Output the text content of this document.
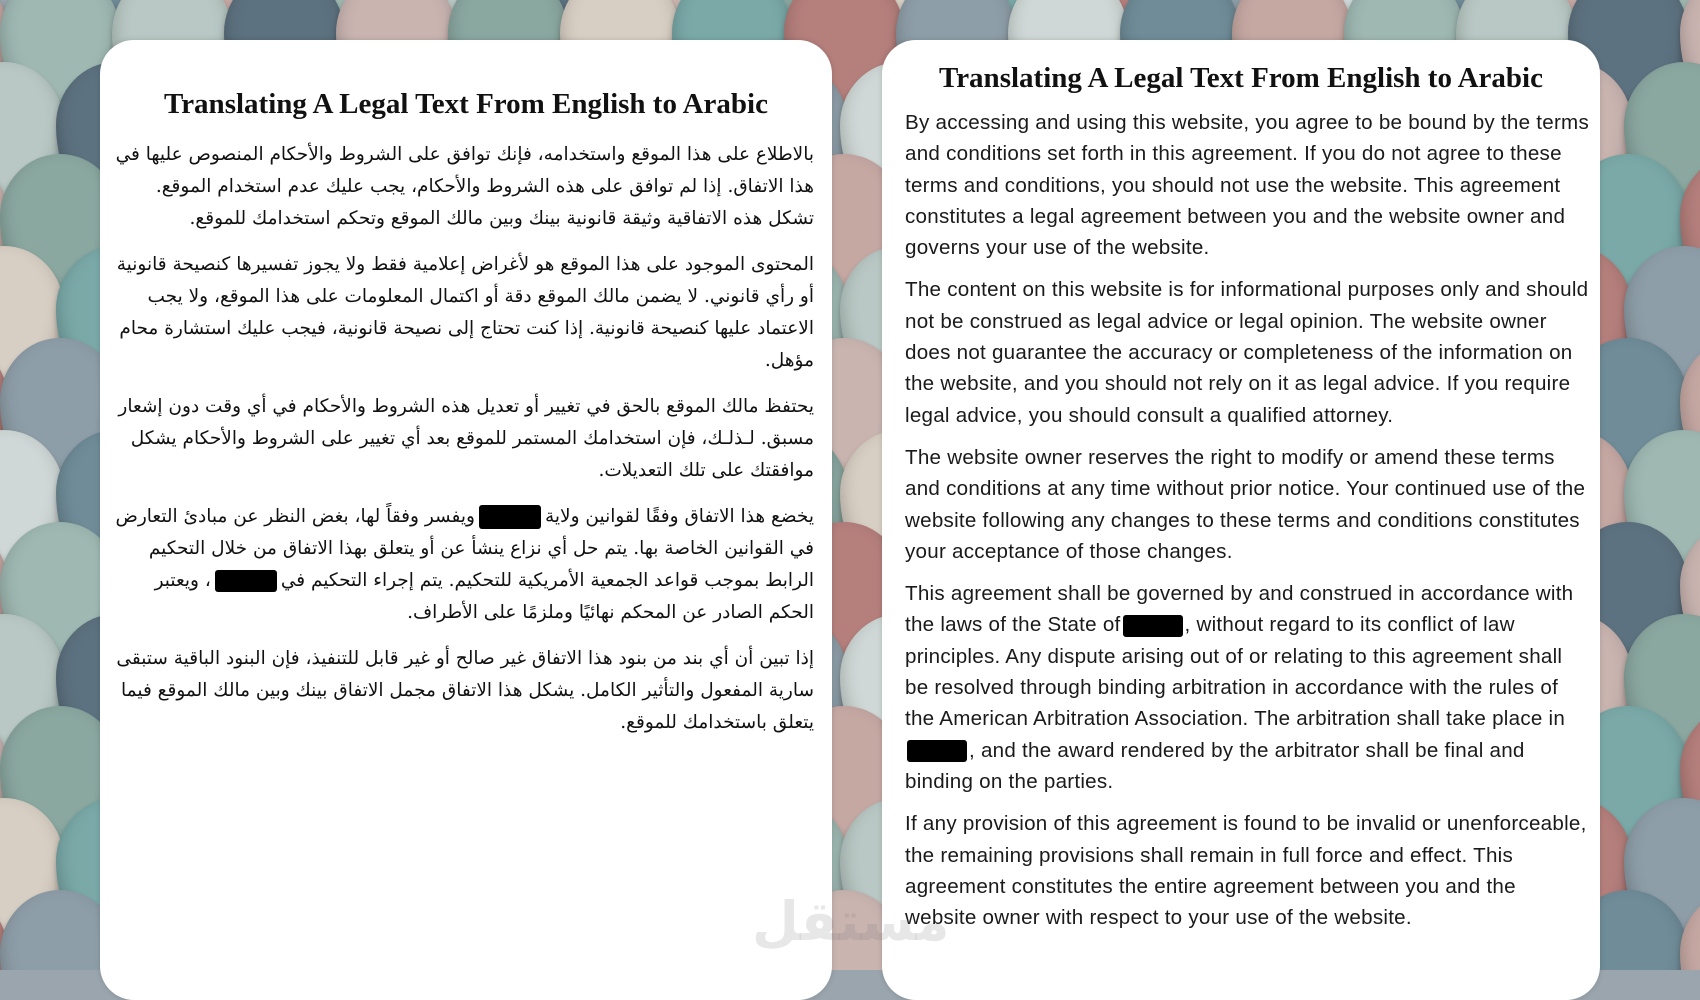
Translating A Legal Text From English to Arabic

بالاطلاع على هذا الموقع واستخدامه، فإنك توافق على الشروط والأحكام المنصوص عليها في هذا الاتفاق. إذا لم توافق على هذه الشروط والأحكام، يجب عليك عدم استخدام الموقع. تشكل هذه الاتفاقية وثيقة قانونية بينك وبين مالك الموقع وتحكم استخدامك للموقع.

المحتوى الموجود على هذا الموقع هو لأغراض إعلامية فقط ولا يجوز تفسيرها كنصيحة قانونية أو رأي قانوني. لا يضمن مالك الموقع دقة أو اكتمال المعلومات على هذا الموقع، ولا يجب الاعتماد عليها كنصيحة قانونية. إذا كنت تحتاج إلى نصيحة قانونية، فيجب عليك استشارة محام مؤهل.

يحتفظ مالك الموقع بالحق في تغيير أو تعديل هذه الشروط والأحكام في أي وقت دون إشعار مسبق. لـذلـك، فإن استخدامك المستمر للموقع بعد أي تغيير على الشروط والأحكام يشكل موافقتك على تلك التعديلات.

يخضع هذا الاتفاق وفقًا لقوانين ولايةويفسر وفقاً لها، بغض النظر عن مبادئ التعارض في القوانين الخاصة بها. يتم حل أي نزاع ينشأ عن أو يتعلق بهذا الاتفاق من خلال التحكيم الرابط بموجب قواعد الجمعية الأمريكية للتحكيم. يتم إجراء التحكيم في، ويعتبر الحكم الصادر عن المحكم نهائيًا وملزمًا على الأطراف.

إذا تبين أن أي بند من بنود هذا الاتفاق غير صالح أو غير قابل للتنفيذ، فإن البنود الباقية ستبقى سارية المفعول والتأثير الكامل. يشكل هذا الاتفاق مجمل الاتفاق بينك وبين مالك الموقع فيما يتعلق باستخدامك للموقع.

Translating A Legal Text From English to Arabic

By accessing and using this website, you agree to be bound by the terms and conditions set forth in this agreement. If you do not agree to these terms and conditions, you should not use the website. This agreement constitutes a legal agreement between you and the website owner and governs your use of the website.

The content on this website is for informational purposes only and should not be construed as legal advice or legal opinion. The website owner does not guarantee the accuracy or completeness of the information on the website, and you should not rely on it as legal advice. If you require legal advice, you should consult a qualified attorney.

The website owner reserves the right to modify or amend these terms and conditions at any time without prior notice. Your continued use of the website following any changes to these terms and conditions constitutes your acceptance of those changes.

This agreement shall be governed by and construed in accordance with the laws of the State of	, without regard to its conflict of law principles. Any dispute arising out of or relating to this agreement shall be resolved through binding arbitration in accordance with the rules of the American Arbitration Association. The arbitration shall take place in, and the award rendered by the arbitrator shall be final and binding on the parties.

If any provision of this agreement is found to be invalid or unenforceable, the remaining provisions shall remain in full force and effect. This agreement constitutes the entire agreement between you and the website owner with respect to your use of the website.

مستقل
